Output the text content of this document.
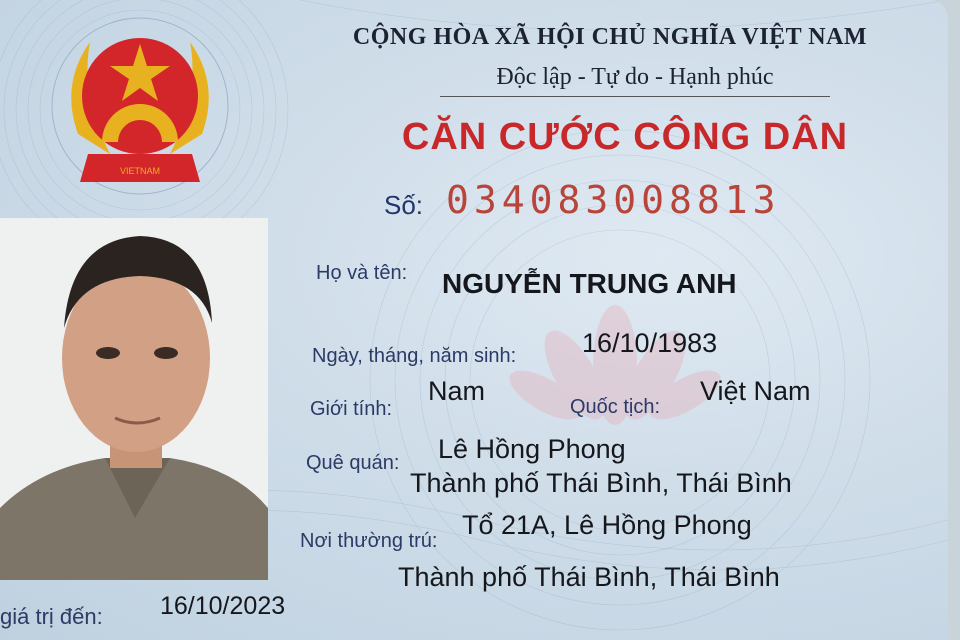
VIETNAM
CỘNG HÒA XÃ HỘI CHỦ NGHĨA VIỆT NAM
Độc lập - Tự do - Hạnh phúc
CĂN CƯỚC CÔNG DÂN
Số: 034083008813
Họ và tên: NGUYỄN TRUNG ANH
Ngày, tháng, năm sinh: 16/10/1983
Giới tính:
Nam
Quốc tịch:
Việt Nam
Quê quán: Lê Hồng Phong
Thành phố Thái Bình, Thái Bình
Nơi thường trú:
Tổ 21A, Lê Hồng Phong
Thành phố Thái Bình, Thái Bình
giá trị đến: 16/10/2023
